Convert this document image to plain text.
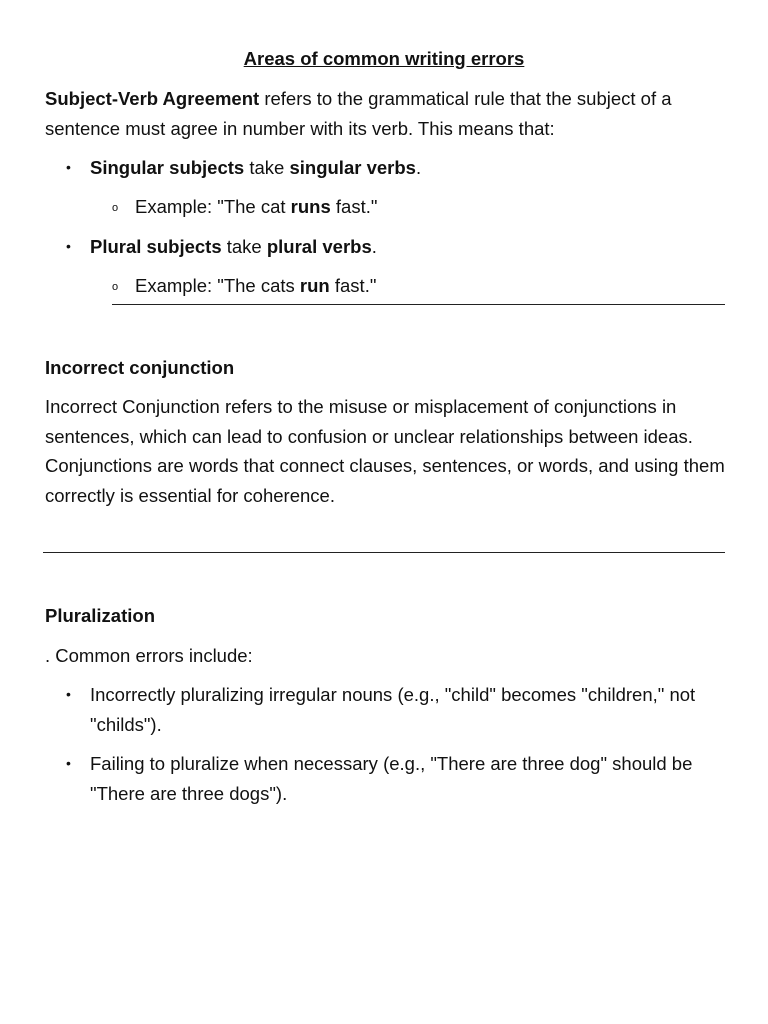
Areas of common writing errors

Subject-Verb Agreement refers to the grammatical rule that the subject of a sentence must agree in number with its verb. This means that:

• Singular subjects take singular verbs.
o Example: "The cat runs fast."
• Plural subjects take plural verbs.
o Example: "The cats run fast."
Incorrect conjunction

Incorrect Conjunction refers to the misuse or misplacement of conjunctions in sentences, which can lead to confusion or unclear relationships between ideas. Conjunctions are words that connect clauses, sentences, or words, and using them correctly is essential for coherence.

Pluralization

. Common errors include:

• Incorrectly pluralizing irregular nouns (e.g., "child" becomes "children," not "childs").
• Failing to pluralize when necessary (e.g., "There are three dog" should be "There are three dogs").
